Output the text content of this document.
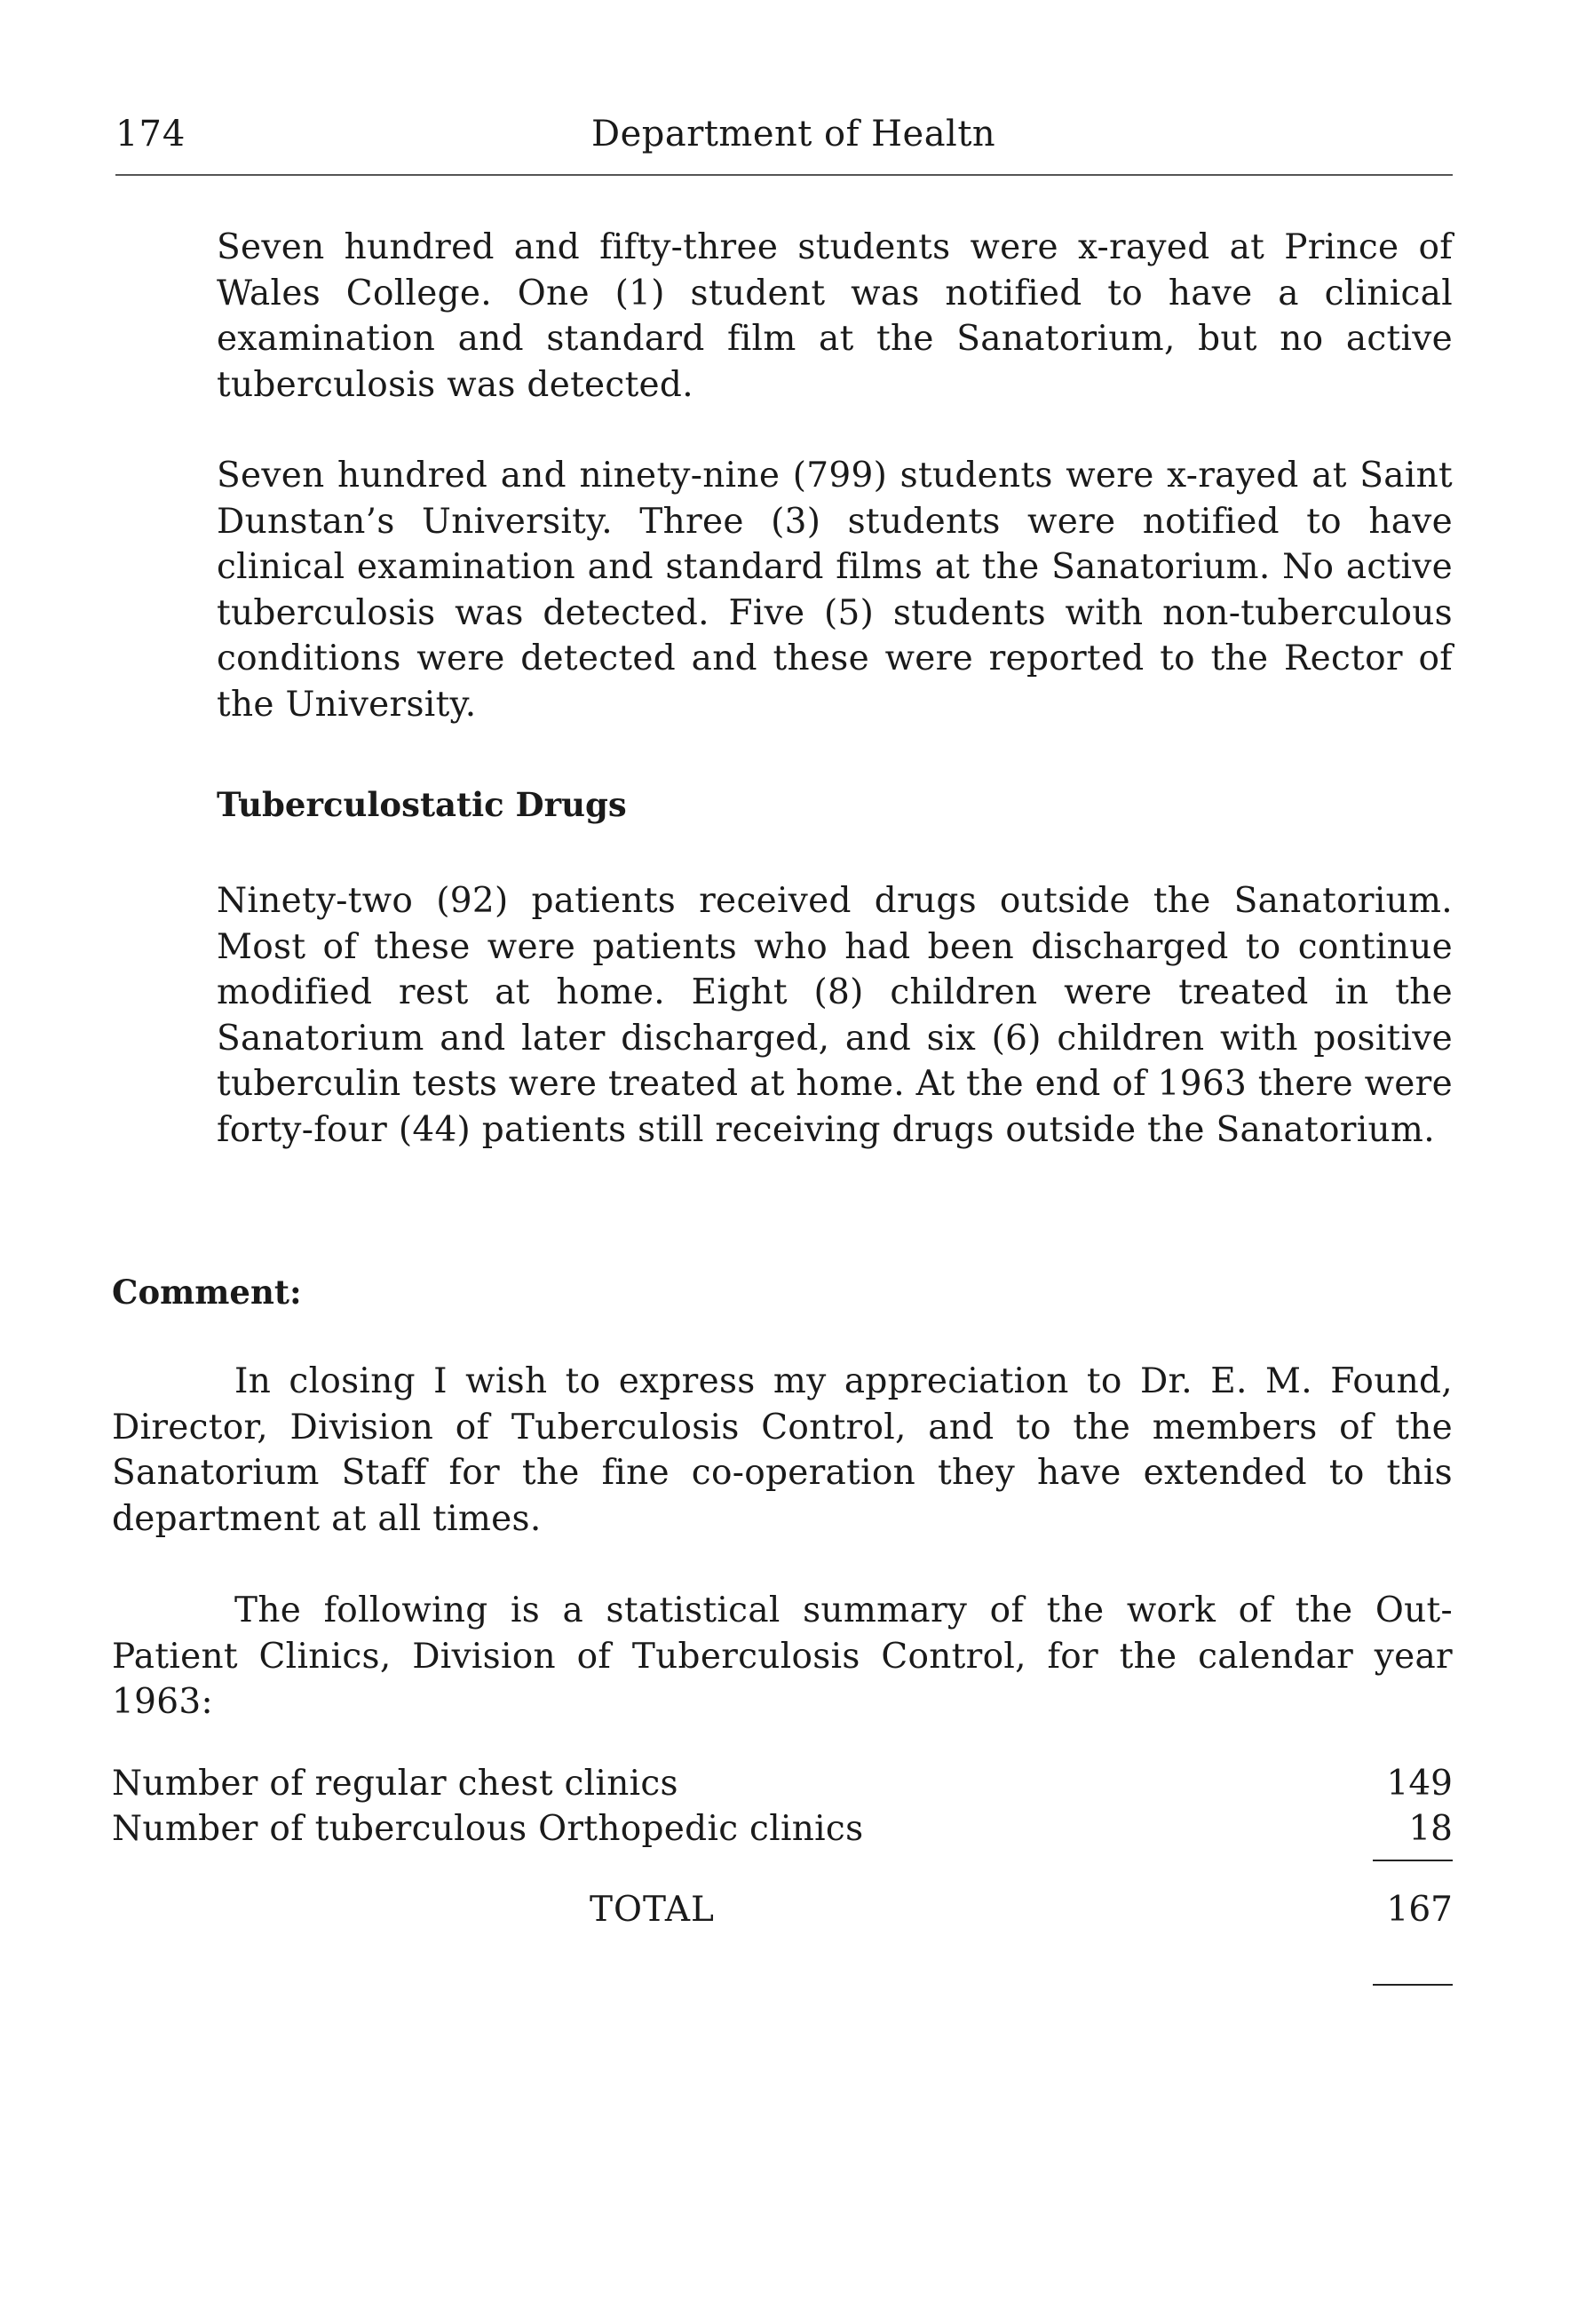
174	Department of Healtn

Seven hundred and fifty-three students were x-rayed at Prince of Wales College. One (1) student was notified to have a clinical examination and standard film at the Sanatorium, but no active tuberculosis was detected.

Seven hundred and ninety-nine (799) students were x-rayed at Saint Dunstan’s University. Three (3) students were notified to have clinical examination and standard films at the Sanatorium. No active tuberculosis was detected. Five (5) students with non-tuberculous conditions were detected and these were reported to the Rector of the University.

Tuberculostatic Drugs

Ninety-two (92) patients received drugs outside the Sanatorium. Most of these were patients who had been discharged to continue modified rest at home. Eight (8) children were treated in the Sanatorium and later discharged, and six (6) children with positive tuberculin tests were treated at home. At the end of 1963 there were forty-four (44) patients still receiving drugs outside the Sanatorium.

Comment:

In closing I wish to express my appreciation to Dr. E. M. Found, Director, Division of Tuberculosis Control, and to the members of the Sanatorium Staff for the fine co-operation they have extended to this department at all times.

The following is a statistical summary of the work of the Out-Patient Clinics, Division of Tuberculosis Control, for the calendar year 1963:

Number of regular chest clinics	149
Number of tuberculous Orthopedic clinics	18
TOTAL	167
